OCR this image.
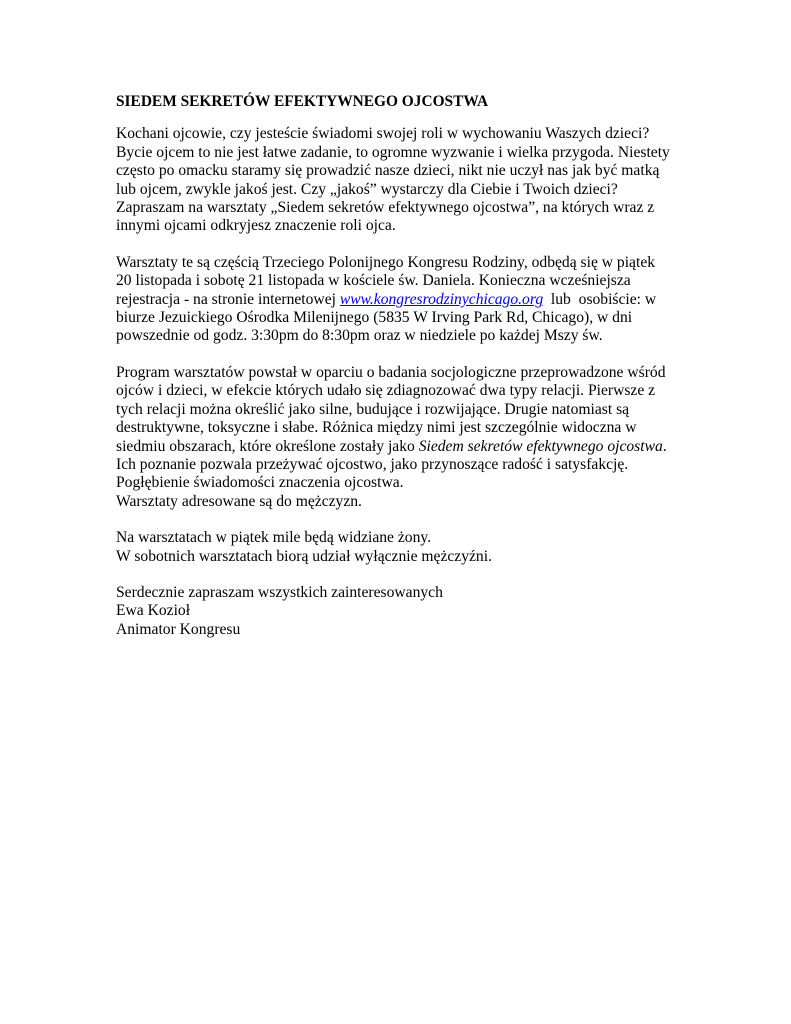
SIEDEM SEKRETÓW EFEKTYWNEGO OJCOSTWA
Kochani ojcowie, czy jesteście świadomi swojej roli w wychowaniu Waszych dzieci?
Bycie ojcem to nie jest łatwe zadanie, to ogromne wyzwanie i wielka przygoda. Niestety
często po omacku staramy się prowadzić nasze dzieci, nikt nie uczył nas jak być matką
lub ojcem, zwykle jakoś jest. Czy „jakoś” wystarczy dla Ciebie i Twoich dzieci?
Zapraszam na warsztaty „Siedem sekretów efektywnego ojcostwa”, na których wraz z
innymi ojcami odkryjesz znaczenie roli ojca.
Warsztaty te są częścią Trzeciego Polonijnego Kongresu Rodziny, odbędą się w piątek
20 listopada i sobotę 21 listopada w kościele św. Daniela. Konieczna wcześniejsza
rejestracja - na stronie internetowej www.kongresrodzinychicago.org  lub  osobiście: w
biurze Jezuickiego Ośrodka Milenijnego (5835 W Irving Park Rd, Chicago), w dni
powszednie od godz. 3:30pm do 8:30pm oraz w niedziele po każdej Mszy św.
Program warsztatów powstał w oparciu o badania socjologiczne przeprowadzone wśród
ojców i dzieci, w efekcie których udało się zdiagnozować dwa typy relacji. Pierwsze z
tych relacji można określić jako silne, budujące i rozwijające. Drugie natomiast są
destruktywne, toksyczne i słabe. Różnica między nimi jest szczególnie widoczna w
siedmiu obszarach, które określone zostały jako Siedem sekretów efektywnego ojcostwa.
Ich poznanie pozwala przeżywać ojcostwo, jako przynoszące radość i satysfakcję.
Pogłębienie świadomości znaczenia ojcostwa.
Warsztaty adresowane są do mężczyzn.
Na warsztatach w piątek mile będą widziane żony.
W sobotnich warsztatach biorą udział wyłącznie mężczyźni.
Serdecznie zapraszam wszystkich zainteresowanych
Ewa Kozioł
Animator Kongresu
